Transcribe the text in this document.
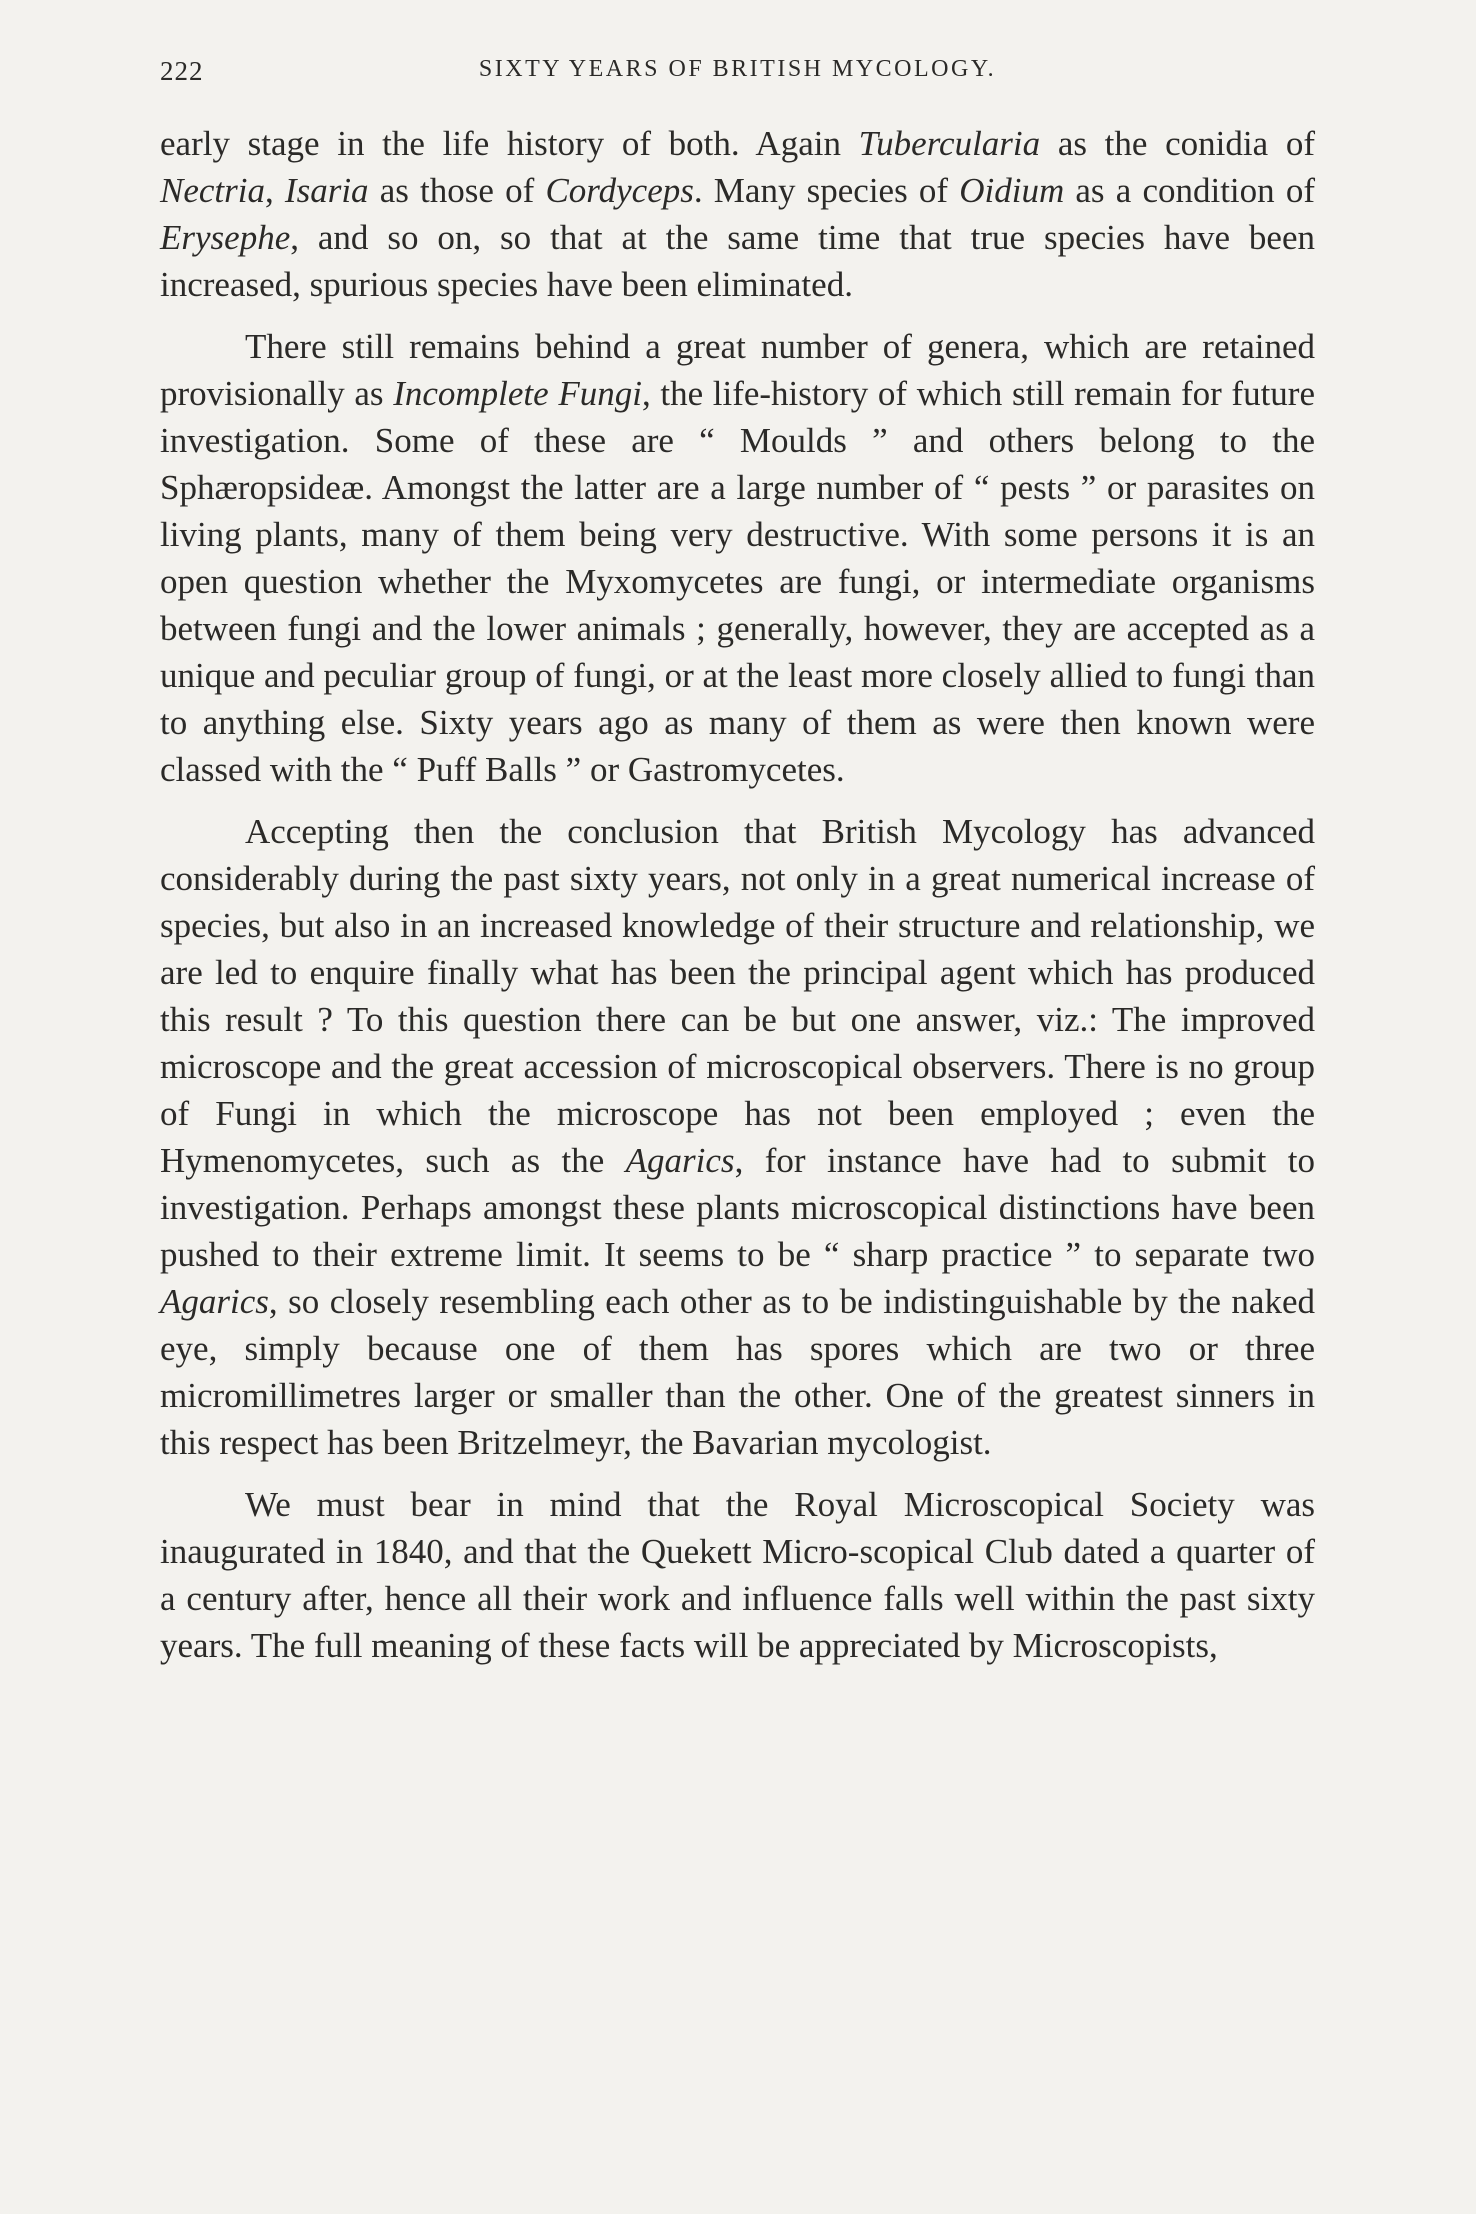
222	SIXTY YEARS OF BRITISH MYCOLOGY.

early stage in the life history of both. Again Tubercularia as the conidia of Nectria, Isaria as those of Cordyceps. Many species of Oidium as a condition of Erysephe, and so on, so that at the same time that true species have been increased, spurious species have been eliminated.

There still remains behind a great number of genera, which are retained provisionally as Incomplete Fungi, the life-history of which still remain for future investigation. Some of these are “ Moulds ” and others belong to the Sphæropsideæ. Amongst the latter are a large number of “ pests ” or parasites on living plants, many of them being very destructive. With some persons it is an open question whether the Myxomycetes are fungi, or intermediate organisms between fungi and the lower animals ; generally, however, they are accepted as a unique and peculiar group of fungi, or at the least more closely allied to fungi than to anything else. Sixty years ago as many of them as were then known were classed with the “ Puff Balls ” or Gastromycetes.

Accepting then the conclusion that British Mycology has advanced considerably during the past sixty years, not only in a great numerical increase of species, but also in an increased knowledge of their structure and relationship, we are led to enquire finally what has been the principal agent which has produced this result ? To this question there can be but one answer, viz.: The improved microscope and the great accession of microscopical observers. There is no group of Fungi in which the microscope has not been employed ; even the Hymenomycetes, such as the Agarics, for instance have had to submit to investigation. Perhaps amongst these plants microscopical distinctions have been pushed to their extreme limit. It seems to be “ sharp practice ” to separate two Agarics, so closely resembling each other as to be indistinguishable by the naked eye, simply because one of them has spores which are two or three micromillimetres larger or smaller than the other. One of the greatest sinners in this respect has been Britzelmeyr, the Bavarian mycologist.

We must bear in mind that the Royal Microscopical Society was inaugurated in 1840, and that the Quekett Micro-scopical Club dated a quarter of a century after, hence all their work and influence falls well within the past sixty years. The full meaning of these facts will be appreciated by Microscopists,
